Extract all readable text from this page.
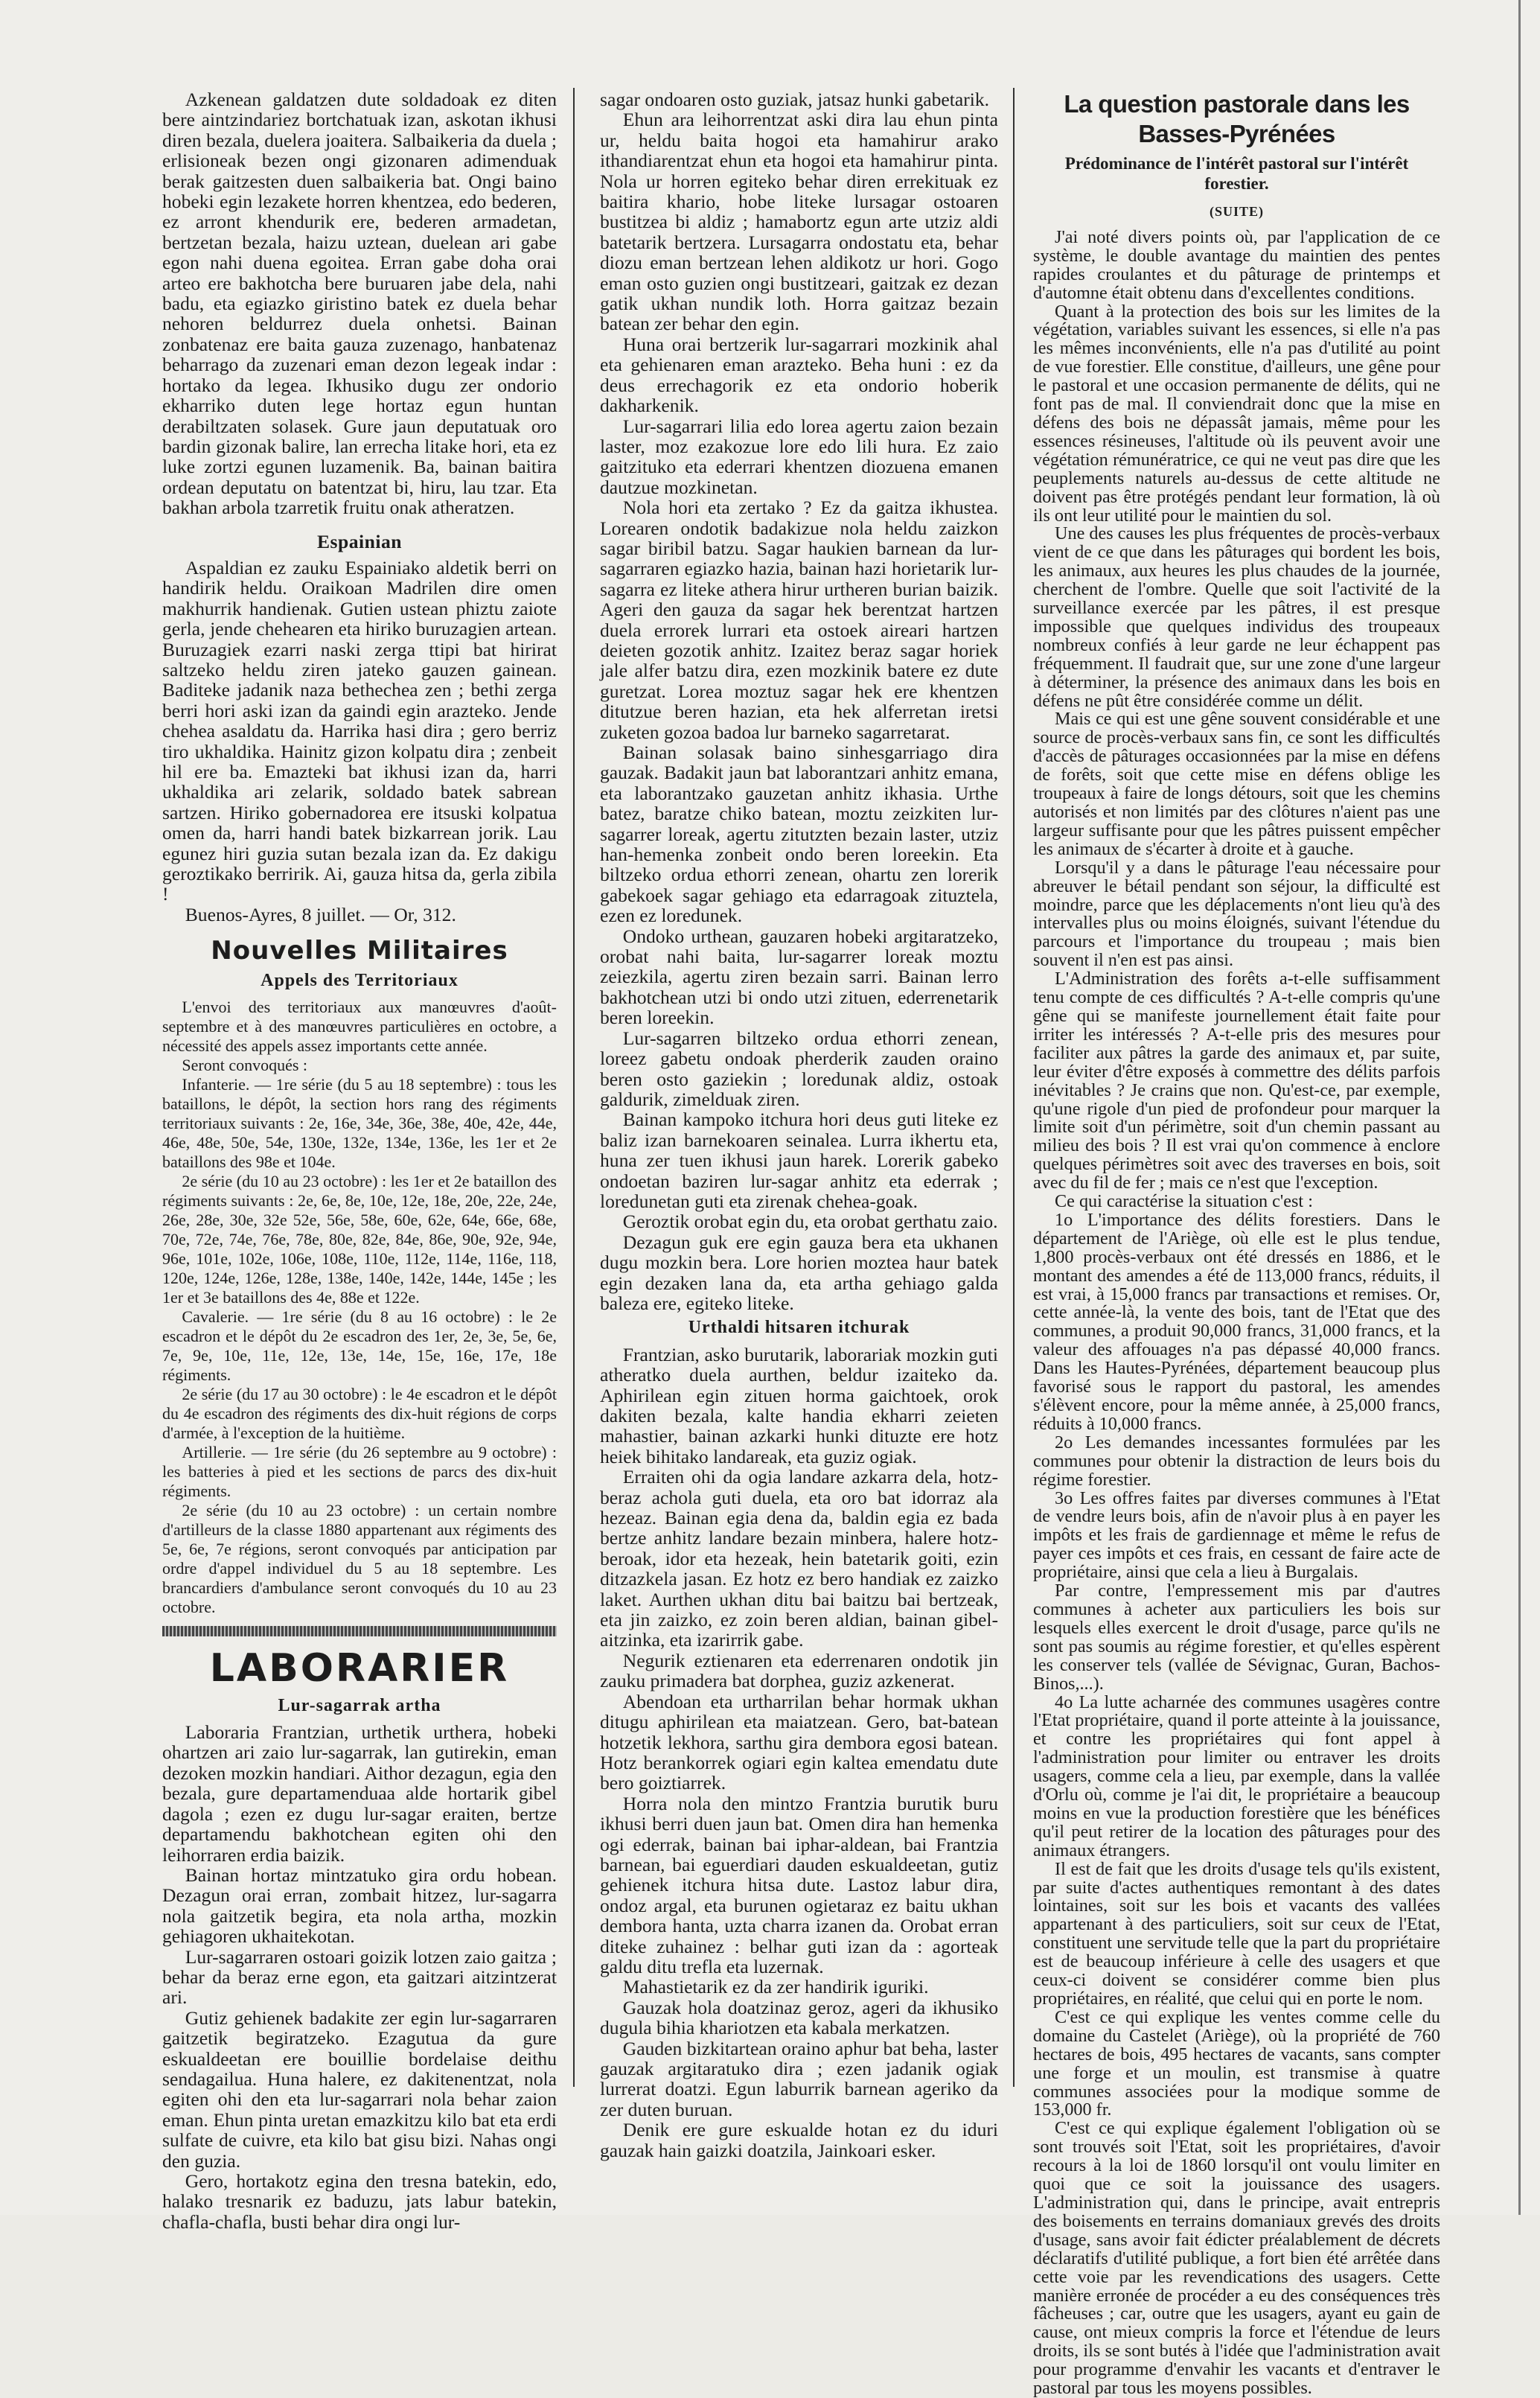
Azkenean galdatzen dute soldadoak ez diten bere aintzindariez bortchatuak izan, askotan ikhusi diren bezala, duelera joaitera. Salbaikeria da duela ; erlisioneak bezen ongi gizonaren adimenduak berak gaitzesten duen salbaikeria bat. Ongi baino hobeki egin lezakete horren khentzea, edo bederen, ez arront khendurik ere, bederen armadetan, bertzetan bezala, haizu uztean, duelean ari gabe egon nahi duena egoitea. Erran gabe doha orai arteo ere bakhotcha bere buruaren jabe dela, nahi badu, eta egiazko giristino batek ez duela behar nehoren beldurrez duela onhetsi. Bainan zonbatenaz ere baita gauza zuzenago, hanbatenaz beharrago da zuzenari eman dezon legeak indar : hortako da legea. Ikhusiko dugu zer ondorio ekharriko duten lege hortaz egun huntan derabiltzaten solasek. Gure jaun deputatuak oro bardin gizonak balire, lan errecha litake hori, eta ez luke zortzi egunen luzamenik. Ba, bainan baitira ordean deputatu on batentzat bi, hiru, lau tzar. Eta bakhan arbola tzarretik fruitu onak atheratzen.

Espainian

Aspaldian ez zauku Espainiako aldetik berri on handirik heldu. Oraikoan Madrilen dire omen makhurrik handienak. Gutien ustean phiztu zaiote gerla, jende chehearen eta hiriko buruzagien artean. Buruzagiek ezarri naski zerga ttipi bat hirirat saltzeko heldu ziren jateko gauzen gainean. Baditeke jadanik naza bethechea zen ; bethi zerga berri hori aski izan da gaindi egin arazteko. Jende chehea asaldatu da. Harrika hasi dira ; gero berriz tiro ukhaldika. Hainitz gizon kolpatu dira ; zenbeit hil ere ba. Emazteki bat ikhusi izan da, harri ukhaldika ari zelarik, soldado batek sabrean sartzen. Hiriko gobernadorea ere itsuski kolpatua omen da, harri handi batek bizkarrean jorik. Lau egunez hiri guzia sutan bezala izan da. Ez dakigu geroztikako berririk. Ai, gauza hitsa da, gerla zibila !

Buenos-Ayres, 8 juillet. — Or, 312.

Nouvelles Militaires
Appels des Territoriaux

L'envoi des territoriaux aux manœuvres d'août-septembre et à des manœuvres particulières en octobre, a nécessité des appels assez importants cette année.

Seront convoqués :

Infanterie. — 1re série (du 5 au 18 septembre) : tous les bataillons, le dépôt, la section hors rang des régiments territoriaux suivants : 2e, 16e, 34e, 36e, 38e, 40e, 42e, 44e, 46e, 48e, 50e, 54e, 130e, 132e, 134e, 136e, les 1er et 2e bataillons des 98e et 104e.

2e série (du 10 au 23 octobre) : les 1er et 2e bataillon des régiments suivants : 2e, 6e, 8e, 10e, 12e, 18e, 20e, 22e, 24e, 26e, 28e, 30e, 32e 52e, 56e, 58e, 60e, 62e, 64e, 66e, 68e, 70e, 72e, 74e, 76e, 78e, 80e, 82e, 84e, 86e, 90e, 92e, 94e, 96e, 101e, 102e, 106e, 108e, 110e, 112e, 114e, 116e, 118, 120e, 124e, 126e, 128e, 138e, 140e, 142e, 144e, 145e ; les 1er et 3e bataillons des 4e, 88e et 122e.

Cavalerie. — 1re série (du 8 au 16 octobre) : le 2e escadron et le dépôt du 2e escadron des 1er, 2e, 3e, 5e, 6e, 7e, 9e, 10e, 11e, 12e, 13e, 14e, 15e, 16e, 17e, 18e régiments.

2e série (du 17 au 30 octobre) : le 4e escadron et le dépôt du 4e escadron des régiments des dix-huit régions de corps d'armée, à l'exception de la huitième.

Artillerie. — 1re série (du 26 septembre au 9 octobre) : les batteries à pied et les sections de parcs des dix-huit régiments.

2e série (du 10 au 23 octobre) : un certain nombre d'artilleurs de la classe 1880 appartenant aux régiments des 5e, 6e, 7e régions, seront convoqués par anticipation par ordre d'appel individuel du 5 au 18 septembre. Les brancardiers d'ambulance seront convoqués du 10 au 23 octobre.

LABORARIER
Lur-sagarrak artha

Laboraria Frantzian, urthetik urthera, hobeki ohartzen ari zaio lur-sagarrak, lan gutirekin, eman dezoken mozkin handiari. Aithor dezagun, egia den bezala, gure departamenduaa alde hortarik gibel dagola ; ezen ez dugu lur-sagar eraiten, bertze departamendu bakhotchean egiten ohi den leihorraren erdia baizik.

Bainan hortaz mintzatuko gira ordu hobean. Dezagun orai erran, zombait hitzez, lur-sagarra nola gaitzetik begira, eta nola artha, mozkin gehiagoren ukhaitekotan.

Lur-sagarraren ostoari goizik lotzen zaio gaitza ; behar da beraz erne egon, eta gaitzari aitzintzerat ari.

Gutiz gehienek badakite zer egin lur-sagarraren gaitzetik begiratzeko. Ezagutua da gure eskualdeetan ere bouillie bordelaise deithu sendagailua. Huna halere, ez dakitenentzat, nola egiten ohi den eta lur-sagarrari nola behar zaion eman. Ehun pinta uretan emazkitzu kilo bat eta erdi sulfate de cuivre, eta kilo bat gisu bizi. Nahas ongi den guzia.

Gero, hortakotz egina den tresna batekin, edo, halako tresnarik ez baduzu, jats labur batekin, chafla-chafla, busti behar dira ongi lur-

sagar ondoaren osto guziak, jatsaz hunki gabetarik.

Ehun ara leihorrentzat aski dira lau ehun pinta ur, heldu baita hogoi eta hamahirur arako ithandiarentzat ehun eta hogoi eta hamahirur pinta. Nola ur horren egiteko behar diren errekituak ez baitira khario, hobe liteke lursagar ostoaren bustitzea bi aldiz ; hamabortz egun arte utziz aldi batetarik bertzera. Lursagarra ondostatu eta, behar diozu eman bertzean lehen aldikotz ur hori. Gogo eman osto guzien ongi bustitzeari, gaitzak ez dezan gatik ukhan nundik loth. Horra gaitzaz bezain batean zer behar den egin.

Huna orai bertzerik lur-sagarrari mozkinik ahal eta gehienaren eman arazteko. Beha huni : ez da deus errechagorik ez eta ondorio hoberik dakharkenik.

Lur-sagarrari lilia edo lorea agertu zaion bezain laster, moz ezakozue lore edo lili hura. Ez zaio gaitzituko eta ederrari khentzen diozuena emanen dautzue mozkinetan.

Nola hori eta zertako ? Ez da gaitza ikhustea. Lorearen ondotik badakizue nola heldu zaizkon sagar biribil batzu. Sagar haukien barnean da lur-sagarraren egiazko hazia, bainan hazi horietarik lur-sagarra ez liteke athera hirur urtheren burian baizik. Ageri den gauza da sagar hek berentzat hartzen duela errorek lurrari eta ostoek aireari hartzen deieten gozotik anhitz. Izaitez beraz sagar horiek jale alfer batzu dira, ezen mozkinik batere ez dute guretzat. Lorea moztuz sagar hek ere khentzen ditutzue beren hazian, eta hek alferretan iretsi zuketen gozoa badoa lur barneko sagarretarat.

Bainan solasak baino sinhesgarriago dira gauzak. Badakit jaun bat laborantzari anhitz emana, eta laborantzako gauzetan anhitz ikhasia. Urthe batez, baratze chiko batean, moztu zeizkiten lur-sagarrer loreak, agertu zitutzten bezain laster, utziz han-hemenka zonbeit ondo beren loreekin. Eta biltzeko ordua ethorri zenean, ohartu zen lorerik gabekoek sagar gehiago eta edarragoak zituztela, ezen ez loredunek.

Ondoko urthean, gauzaren hobeki argitaratzeko, orobat nahi baita, lur-sagarrer loreak moztu zeiezkila, agertu ziren bezain sarri. Bainan lerro bakhotchean utzi bi ondo utzi zituen, ederrenetarik beren loreekin.

Lur-sagarren biltzeko ordua ethorri zenean, loreez gabetu ondoak pherderik zauden oraino beren osto gaziekin ; loredunak aldiz, ostoak galdurik, zimelduak ziren.

Bainan kampoko itchura hori deus guti liteke ez baliz izan barnekoaren seinalea. Lurra ikhertu eta, huna zer tuen ikhusi jaun harek. Lorerik gabeko ondoetan baziren lur-sagar anhitz eta ederrak ; loredunetan guti eta zirenak chehea-goak.

Geroztik orobat egin du, eta orobat gerthatu zaio.

Dezagun guk ere egin gauza bera eta ukhanen dugu mozkin bera. Lore horien moztea haur batek egin dezaken lana da, eta artha gehiago galda baleza ere, egiteko liteke.

Urthaldi hitsaren itchurak

Frantzian, asko burutarik, laborariak mozkin guti atheratko duela aurthen, beldur izaiteko da. Aphirilean egin zituen horma gaichtoek, orok dakiten bezala, kalte handia ekharri zeieten mahastier, bainan azkarki hunki dituzte ere hotz heiek bihitako landareak, eta guziz ogiak.

Erraiten ohi da ogia landare azkarra dela, hotz-beraz achola guti duela, eta oro bat idorraz ala hezeaz. Bainan egia dena da, baldin egia ez bada bertze anhitz landare bezain minbera, halere hotz-beroak, idor eta hezeak, hein batetarik goiti, ezin ditzazkela jasan. Ez hotz ez bero handiak ez zaizko laket. Aurthen ukhan ditu bai baitzu bai bertzeak, eta jin zaizko, ez zoin beren aldian, bainan gibel-aitzinka, eta izarirrik gabe.

Negurik eztienaren eta ederrenaren ondotik jin zauku primadera bat dorphea, guziz azkenerat.

Abendoan eta urtharrilan behar hormak ukhan ditugu aphirilean eta maiatzean. Gero, bat-batean hotzetik lekhora, sarthu gira dembora egosi batean. Hotz berankorrek ogiari egin kaltea emendatu dute bero goiztiarrek.

Horra nola den mintzo Frantzia burutik buru ikhusi berri duen jaun bat. Omen dira han hemenka ogi ederrak, bainan bai iphar-aldean, bai Frantzia barnean, bai eguerdiari dauden eskualdeetan, gutiz gehienek itchura hitsa dute. Lastoz labur dira, ondoz argal, eta burunen ogietaraz ez baitu ukhan dembora hanta, uzta charra izanen da. Orobat erran diteke zuhainez : belhar guti izan da : agorteak galdu ditu trefla eta luzernak.

Mahastietarik ez da zer handirik iguriki.

Gauzak hola doatzinaz geroz, ageri da ikhusiko dugula bihia khariotzen eta kabala merkatzen.

Gauden bizkitartean oraino aphur bat beha, laster gauzak argitaratuko dira ; ezen jadanik ogiak lurrerat doatzi. Egun laburrik barnean ageriko da zer duten buruan.

Denik ere gure eskualde hotan ez du iduri gauzak hain gaizki doatzila, Jainkoari esker.

La question pastorale dans les Basses-Pyrénées
Prédominance de l'intérêt pastoral sur l'intérêt forestier.
(SUITE)

J'ai noté divers points où, par l'application de ce système, le double avantage du maintien des pentes rapides croulantes et du pâturage de printemps et d'automne était obtenu dans d'excellentes conditions.

Quant à la protection des bois sur les limites de la végétation, variables suivant les essences, si elle n'a pas les mêmes inconvénients, elle n'a pas d'utilité au point de vue forestier. Elle constitue, d'ailleurs, une gêne pour le pastoral et une occasion permanente de délits, qui ne font pas de mal. Il conviendrait donc que la mise en défens des bois ne dépassât jamais, même pour les essences résineuses, l'altitude où ils peuvent avoir une végétation rémunératrice, ce qui ne veut pas dire que les peuplements naturels au-dessus de cette altitude ne doivent pas être protégés pendant leur formation, là où ils ont leur utilité pour le maintien du sol.

Une des causes les plus fréquentes de procès-verbaux vient de ce que dans les pâturages qui bordent les bois, les animaux, aux heures les plus chaudes de la journée, cherchent de l'ombre. Quelle que soit l'activité de la surveillance exercée par les pâtres, il est presque impossible que quelques individus des troupeaux nombreux confiés à leur garde ne leur échappent pas fréquemment. Il faudrait que, sur une zone d'une largeur à déterminer, la présence des animaux dans les bois en défens ne pût être considérée comme un délit.

Mais ce qui est une gêne souvent considérable et une source de procès-verbaux sans fin, ce sont les difficultés d'accès de pâturages occasionnées par la mise en défens de forêts, soit que cette mise en défens oblige les troupeaux à faire de longs détours, soit que les chemins autorisés et non limités par des clôtures n'aient pas une largeur suffisante pour que les pâtres puissent empêcher les animaux de s'écarter à droite et à gauche.

Lorsqu'il y a dans le pâturage l'eau nécessaire pour abreuver le bétail pendant son séjour, la difficulté est moindre, parce que les déplacements n'ont lieu qu'à des intervalles plus ou moins éloignés, suivant l'étendue du parcours et l'importance du troupeau ; mais bien souvent il n'en est pas ainsi.

L'Administration des forêts a-t-elle suffisamment tenu compte de ces difficultés ? A-t-elle compris qu'une gêne qui se manifeste journellement était faite pour irriter les intéressés ? A-t-elle pris des mesures pour faciliter aux pâtres la garde des animaux et, par suite, leur éviter d'être exposés à commettre des délits parfois inévitables ? Je crains que non. Qu'est-ce, par exemple, qu'une rigole d'un pied de profondeur pour marquer la limite soit d'un périmètre, soit d'un chemin passant au milieu des bois ? Il est vrai qu'on commence à enclore quelques périmètres soit avec des traverses en bois, soit avec du fil de fer ; mais ce n'est que l'exception.

Ce qui caractérise la situation c'est :

1o L'importance des délits forestiers. Dans le département de l'Ariège, où elle est le plus tendue, 1,800 procès-verbaux ont été dressés en 1886, et le montant des amendes a été de 113,000 francs, réduits, il est vrai, à 15,000 francs par transactions et remises. Or, cette année-là, la vente des bois, tant de l'Etat que des communes, a produit 90,000 francs, 31,000 francs, et la valeur des affouages n'a pas dépassé 40,000 francs. Dans les Hautes-Pyrénées, département beaucoup plus favorisé sous le rapport du pastoral, les amendes s'élèvent encore, pour la même année, à 25,000 francs, réduits à 10,000 francs.

2o Les demandes incessantes formulées par les communes pour obtenir la distraction de leurs bois du régime forestier.

3o Les offres faites par diverses communes à l'Etat de vendre leurs bois, afin de n'avoir plus à en payer les impôts et les frais de gardiennage et même le refus de payer ces impôts et ces frais, en cessant de faire acte de propriétaire, ainsi que cela a lieu à Burgalais.

Par contre, l'empressement mis par d'autres communes à acheter aux particuliers les bois sur lesquels elles exercent le droit d'usage, parce qu'ils ne sont pas soumis au régime forestier, et qu'elles espèrent les conserver tels (vallée de Sévignac, Guran, Bachos-Binos,...).

4o La lutte acharnée des communes usagères contre l'Etat propriétaire, quand il porte atteinte à la jouissance, et contre les propriétaires qui font appel à l'administration pour limiter ou entraver les droits usagers, comme cela a lieu, par exemple, dans la vallée d'Orlu où, comme je l'ai dit, le propriétaire a beaucoup moins en vue la production forestière que les bénéfices qu'il peut retirer de la location des pâturages pour des animaux étrangers.

Il est de fait que les droits d'usage tels qu'ils existent, par suite d'actes authentiques remontant à des dates lointaines, soit sur les bois et vacants des vallées appartenant à des particuliers, soit sur ceux de l'Etat, constituent une servitude telle que la part du propriétaire est de beaucoup inférieure à celle des usagers et que ceux-ci doivent se considérer comme bien plus propriétaires, en réalité, que celui qui en porte le nom.

C'est ce qui explique les ventes comme celle du domaine du Castelet (Ariège), où la propriété de 760 hectares de bois, 495 hectares de vacants, sans compter une forge et un moulin, est transmise à quatre communes associées pour la modique somme de 153,000 fr.

C'est ce qui explique également l'obligation où se sont trouvés soit l'Etat, soit les propriétaires, d'avoir recours à la loi de 1860 lorsqu'il ont voulu limiter en quoi que ce soit la jouissance des usagers. L'administration qui, dans le principe, avait entrepris des boisements en terrains domaniaux grevés des droits d'usage, sans avoir fait édicter préalablement de décrets déclaratifs d'utilité publique, a fort bien été arrêtée dans cette voie par les revendications des usagers. Cette manière erronée de procéder a eu des conséquences très fâcheuses ; car, outre que les usagers, ayant eu gain de cause, ont mieux compris la force et l'étendue de leurs droits, ils se sont butés à l'idée que l'administration avait pour programme d'envahir les vacants et d'entraver le pastoral par tous les moyens possibles.
